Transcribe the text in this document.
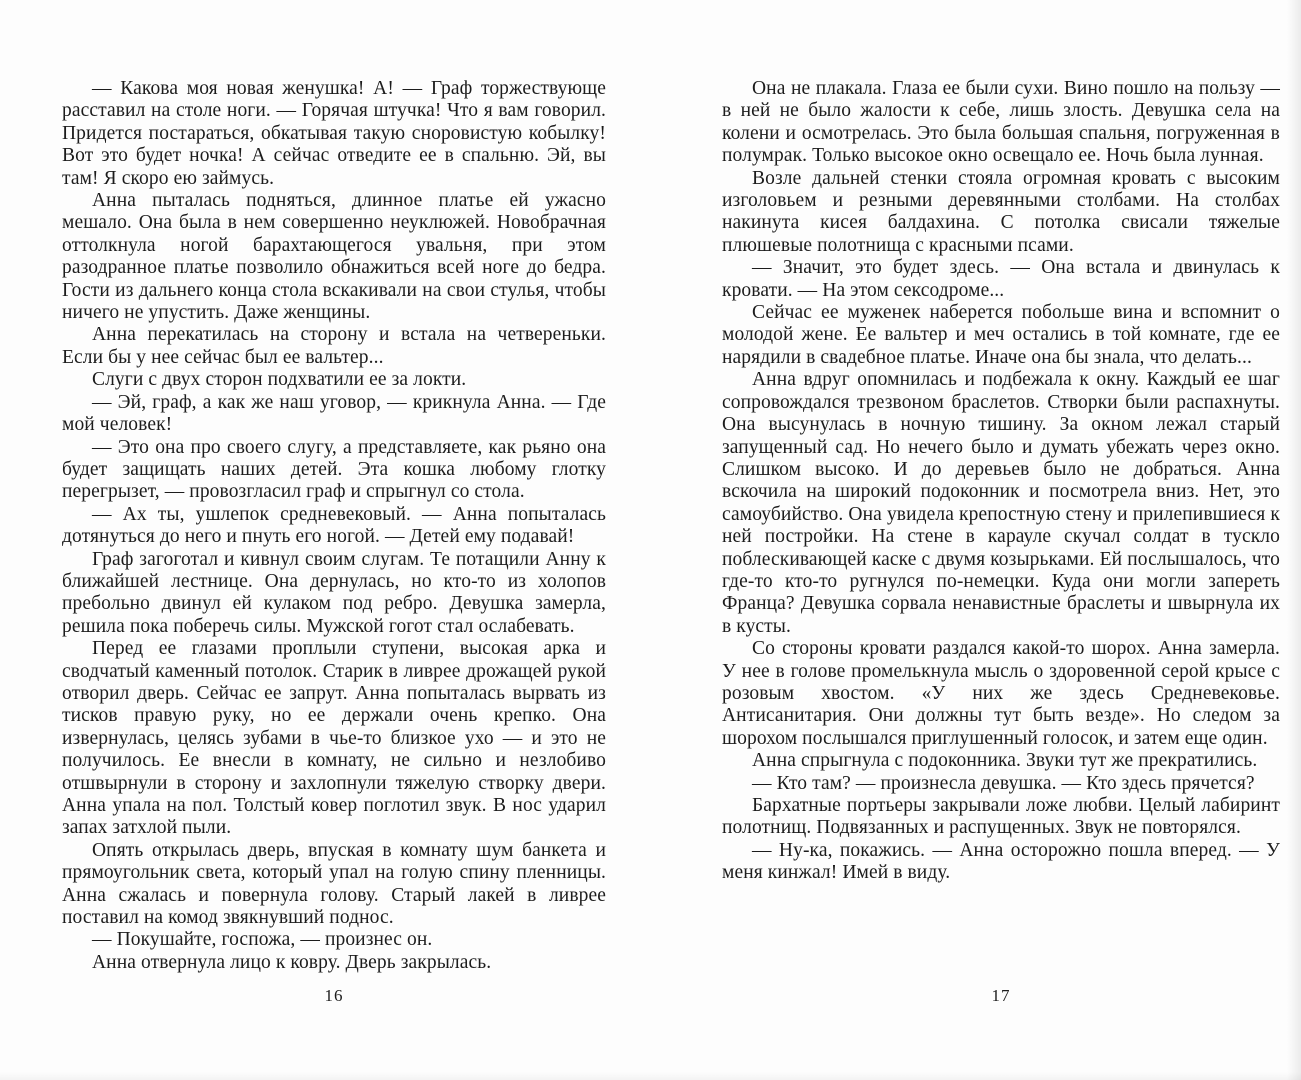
— Какова моя новая женушка! А! — Граф торжествующе расставил на столе ноги. — Горячая штучка! Что я вам говорил. Придется постараться, обкатывая такую сноровистую кобылку! Вот это будет ночка! А сейчас отведите ее в спальню. Эй, вы там! Я скоро ею займусь.

Анна пыталась подняться, длинное платье ей ужасно мешало. Она была в нем совершенно неуклюжей. Новобрачная оттолкнула ногой барахтающегося увальня, при этом разодранное платье позволило обнажиться всей ноге до бедра. Гости из дальнего конца стола вскакивали на свои стулья, чтобы ничего не упустить. Даже женщины.

Анна перекатилась на сторону и встала на четвереньки. Если бы у нее сейчас был ее вальтер...

Слуги с двух сторон подхватили ее за локти.

— Эй, граф, а как же наш уговор, — крикнула Анна. — Где мой человек!

— Это она про своего слугу, а представляете, как рьяно она будет защищать наших детей. Эта кошка любому глотку перегрызет, — провозгласил граф и спрыгнул со стола.

— Ах ты, ушлепок средневековый. — Анна попыталась дотянуться до него и пнуть его ногой. — Детей ему подавай!

Граф загоготал и кивнул своим слугам. Те потащили Анну к ближайшей лестнице. Она дернулась, но кто-то из холопов пребольно двинул ей кулаком под ребро. Девушка замерла, решила пока поберечь силы. Мужской гогот стал ослабевать.

Перед ее глазами проплыли ступени, высокая арка и сводчатый каменный потолок. Старик в ливрее дрожащей рукой отворил дверь. Сейчас ее запрут. Анна попыталась вырвать из тисков правую руку, но ее держали очень крепко. Она извернулась, целясь зубами в чье-то близкое ухо — и это не получилось. Ее внесли в комнату, не сильно и незлобиво отшвырнули в сторону и захлопнули тяжелую створку двери. Анна упала на пол. Толстый ковер поглотил звук. В нос ударил запах затхлой пыли.

Опять открылась дверь, впуская в комнату шум банкета и прямоугольник света, который упал на голую спину пленницы. Анна сжалась и повернула голову. Старый лакей в ливрее поставил на комод звякнувший поднос.

— Покушайте, госпожа, — произнес он.

Анна отвернула лицо к ковру. Дверь закрылась.

16

Она не плакала. Глаза ее были сухи. Вино пошло на пользу — в ней не было жалости к себе, лишь злость. Девушка села на колени и осмотрелась. Это была большая спальня, погруженная в полумрак. Только высокое окно освещало ее. Ночь была лунная.

Возле дальней стенки стояла огромная кровать с высоким изголовьем и резными деревянными столбами. На столбах накинута кисея балдахина. С потолка свисали тяжелые плюшевые полотнища с красными псами.

— Значит, это будет здесь. — Она встала и двинулась к кровати. — На этом сексодроме...

Сейчас ее муженек наберется побольше вина и вспомнит о молодой жене. Ее вальтер и меч остались в той комнате, где ее нарядили в свадебное платье. Иначе она бы знала, что делать...

Анна вдруг опомнилась и подбежала к окну. Каждый ее шаг сопровождался трезвоном браслетов. Створки были распахнуты. Она высунулась в ночную тишину. За окном лежал старый запущенный сад. Но нечего было и думать убежать через окно. Слишком высоко. И до деревьев было не добраться. Анна вскочила на широкий подоконник и посмотрела вниз. Нет, это самоубийство. Она увидела крепостную стену и прилепившиеся к ней постройки. На стене в карауле скучал солдат в тускло поблескивающей каске с двумя козырьками. Ей послышалось, что где-то кто-то ругнулся по-немецки. Куда они могли запереть Франца? Девушка сорвала ненавистные браслеты и швырнула их в кусты.

Со стороны кровати раздался какой-то шорох. Анна замерла. У нее в голове промелькнула мысль о здоровенной серой крысе с розовым хвостом. «У них же здесь Средневековье. Антисанитария. Они должны тут быть везде». Но следом за шорохом послышался приглушенный голосок, и затем еще один.

Анна спрыгнула с подоконника. Звуки тут же прекратились.

— Кто там? — произнесла девушка. — Кто здесь прячется?

Бархатные портьеры закрывали ложе любви. Целый лабиринт полотнищ. Подвязанных и распущенных. Звук не повторялся.

— Ну-ка, покажись. — Анна осторожно пошла вперед. — У меня кинжал! Имей в виду.

17
